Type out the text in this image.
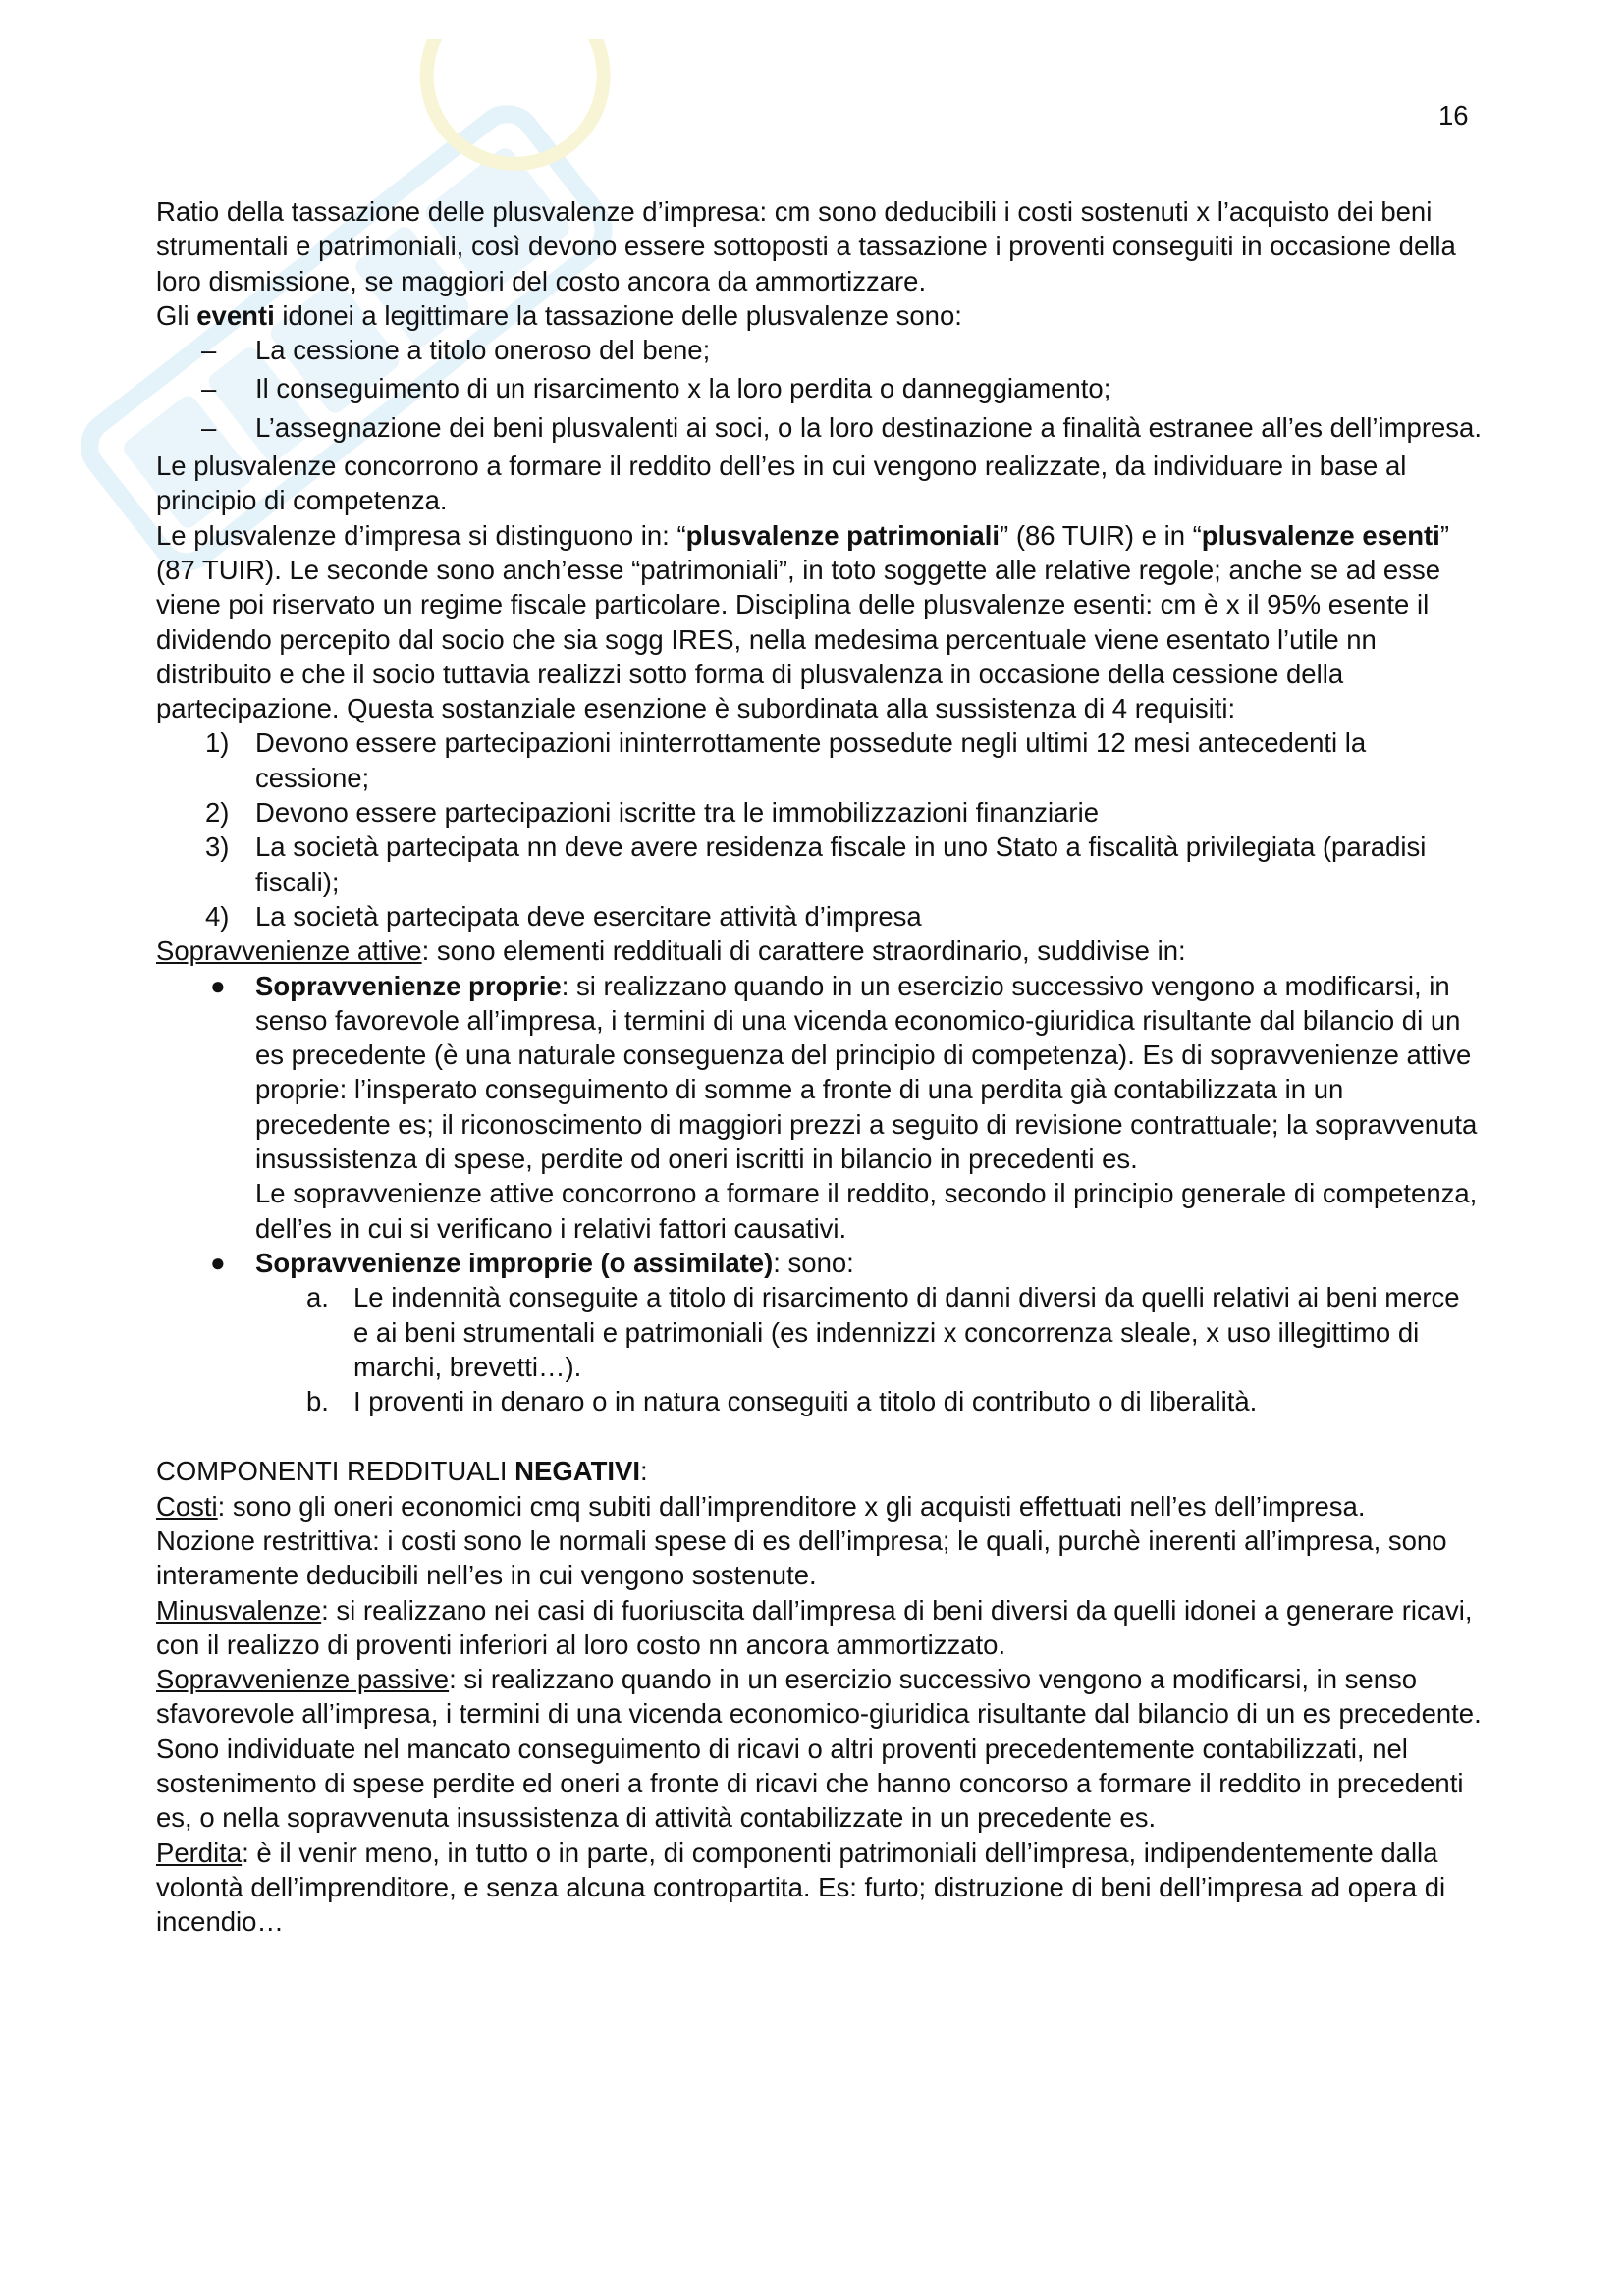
16

Ratio della tassazione delle plusvalenze d’impresa: cm sono deducibili i costi sostenuti x l’acquisto dei beni strumentali e patrimoniali, così devono essere sottoposti a tassazione i proventi conseguiti in occasione della loro dismissione, se maggiori del costo ancora da ammortizzare.

Gli eventi idonei a legittimare la tassazione delle plusvalenze sono:

– La cessione a titolo oneroso del bene;
– Il conseguimento di un risarcimento x la loro perdita o danneggiamento;
– L’assegnazione dei beni plusvalenti ai soci, o la loro destinazione a finalità estranee all’es dell’impresa.

Le plusvalenze concorrono a formare il reddito dell’es in cui vengono realizzate, da individuare in base al principio di competenza.

Le plusvalenze d’impresa si distinguono in: “plusvalenze patrimoniali” (86 TUIR) e in “plusvalenze esenti” (87 TUIR). Le seconde sono anch’esse “patrimoniali”, in toto soggette alle relative regole; anche se ad esse viene poi riservato un regime fiscale particolare. Disciplina delle plusvalenze esenti: cm è x il 95% esente il dividendo percepito dal socio che sia sogg IRES, nella medesima percentuale viene esentato l’utile nn distribuito e che il socio tuttavia realizzi sotto forma di plusvalenza in occasione della cessione della partecipazione. Questa sostanziale esenzione è subordinata alla sussistenza di 4 requisiti:

1) Devono essere partecipazioni ininterrottamente possedute negli ultimi 12 mesi antecedenti la cessione;
2) Devono essere partecipazioni iscritte tra le immobilizzazioni finanziarie
3) La società partecipata nn deve avere residenza fiscale in uno Stato a fiscalità privilegiata (paradisi fiscali);
4) La società partecipata deve esercitare attività d’impresa

Sopravvenienze attive: sono elementi reddituali di carattere straordinario, suddivise in:

● Sopravvenienze proprie: si realizzano quando in un esercizio successivo vengono a modificarsi, in senso favorevole all’impresa, i termini di una vicenda economico-giuridica risultante dal bilancio di un es precedente (è una naturale conseguenza del principio di competenza). Es di sopravvenienze attive proprie: l’insperato conseguimento di somme a fronte di una perdita già contabilizzata in un precedente es; il riconoscimento di maggiori prezzi a seguito di revisione contrattuale; la sopravvenuta insussistenza di spese, perdite od oneri iscritti in bilancio in precedenti es.

Le sopravvenienze attive concorrono a formare il reddito, secondo il principio generale di competenza, dell’es in cui si verificano i relativi fattori causativi.

● Sopravvenienze improprie (o assimilate): sono:
a. Le indennità conseguite a titolo di risarcimento di danni diversi da quelli relativi ai beni merce e ai beni strumentali e patrimoniali (es indennizzi x concorrenza sleale, x uso illegittimo di marchi, brevetti…).
b. I proventi in denaro o in natura conseguiti a titolo di contributo o di liberalità.

COMPONENTI REDDITUALI NEGATIVI:

Costi: sono gli oneri economici cmq subiti dall’imprenditore x gli acquisti effettuati nell’es dell’impresa.

Nozione restrittiva: i costi sono le normali spese di es dell’impresa; le quali, purchè inerenti all’impresa, sono interamente deducibili nell’es in cui vengono sostenute.

Minusvalenze: si realizzano nei casi di fuoriuscita dall’impresa di beni diversi da quelli idonei a generare ricavi, con il realizzo di proventi inferiori al loro costo nn ancora ammortizzato.

Sopravvenienze passive: si realizzano quando in un esercizio successivo vengono a modificarsi, in senso sfavorevole all’impresa, i termini di una vicenda economico-giuridica risultante dal bilancio di un es precedente. Sono individuate nel mancato conseguimento di ricavi o altri proventi precedentemente contabilizzati, nel sostenimento di spese perdite ed oneri a fronte di ricavi che hanno concorso a formare il reddito in precedenti es, o nella sopravvenuta insussistenza di attività contabilizzate in un precedente es.

Perdita: è il venir meno, in tutto o in parte, di componenti patrimoniali dell’impresa, indipendentemente dalla volontà dell’imprenditore, e senza alcuna contropartita. Es: furto; distruzione di beni dell’impresa ad opera di incendio…
